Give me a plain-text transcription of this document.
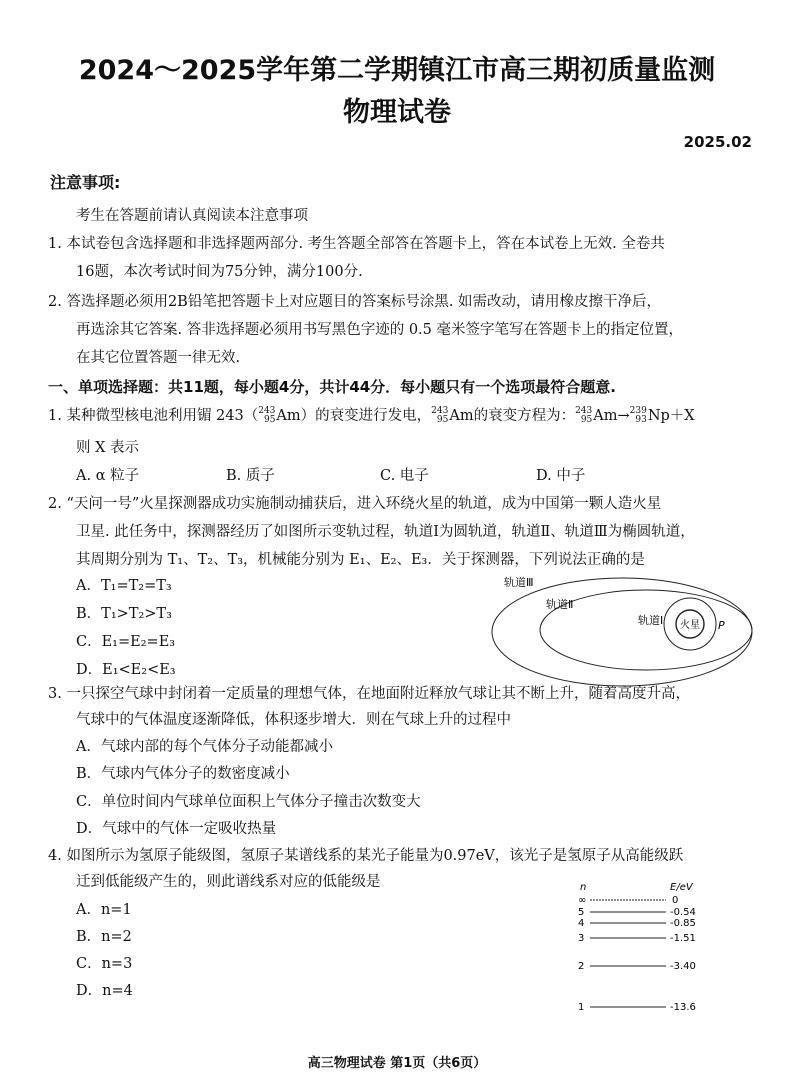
2024～2025学年第二学期镇江市高三期初质量监测
物理试卷
2025.02
注意事项:
考生在答题前请认真阅读本注意事项
1. 本试卷包含选择题和非选择题两部分. 考生答题全部答在答题卡上，答在本试卷上无效. 全卷共
16题，本次考试时间为75分钟，满分100分.
2. 答选择题必须用2B铅笔把答题卡上对应题目的答案标号涂黑. 如需改动，请用橡皮擦干净后，
再选涂其它答案. 答非选择题必须用书写黑色字迹的 0.5 毫米签字笔写在答题卡上的指定位置，
在其它位置答题一律无效.
一、单项选择题：共11题，每小题4分，共计44分．每小题只有一个选项最符合题意.
1. 某种微型核电池利用镅 243（ 243
95 Am）的衰变进行发电， 243
95 Am的衰变方程为： 243
95 Am→ 239
93 Np＋X
则 X 表示
A. α 粒子	B. 质子	C. 电子	D. 中子
2. “天问一号”火星探测器成功实施制动捕获后，进入环绕火星的轨道，成为中国第一颗人造火星
卫星. 此任务中，探测器经历了如图所示变轨过程，轨道Ⅰ为圆轨道，轨道Ⅱ、轨道Ⅲ为椭圆轨道，
其周期分别为 T₁、T₂、T₃，机械能分别为 E₁、E₂、E₃．关于探测器，下列说法正确的是
A．T₁=T₂=T₃
B．T₁>T₂>T₃
C．E₁=E₂=E₃
D．E₁<E₂<E₃
轨道Ⅲ
轨道Ⅱ
轨道Ⅰ 火星 P
3. 一只探空气球中封闭着一定质量的理想气体，在地面附近释放气球让其不断上升，随着高度升高，
气球中的气体温度逐渐降低，体积逐步增大．则在气球上升的过程中
A．气球内部的每个气体分子动能都减小
B．气球内气体分子的数密度减小
C．单位时间内气球单位面积上气体分子撞击次数变大
D．气球中的气体一定吸收热量
4. 如图所示为氢原子能级图，氢原子某谱线系的某光子能量为0.97eV，该光子是氢原子从高能级跃
迁到低能级产生的，则此谱线系对应的低能级是
A．n=1
B．n=2
C．n=3
D．n=4
n	E/eV
∞	0
5	-0.54
4	-0.85
3	-1.51
2	-3.40
1	-13.6
高三物理试卷 第1页（共6页）
